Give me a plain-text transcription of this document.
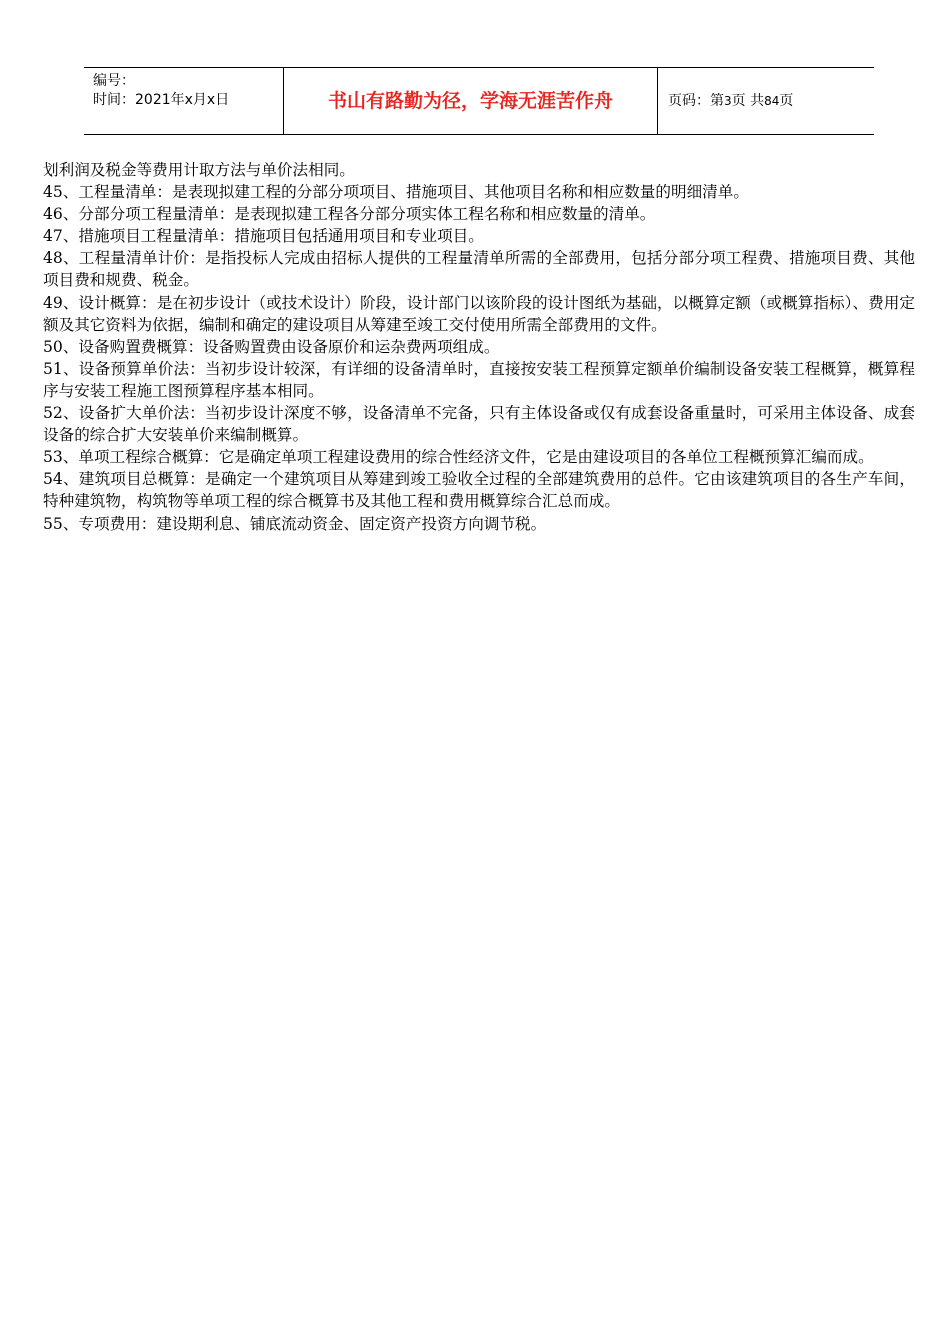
编号：
时间：2021年x月x日	书山有路勤为径，学海无涯苦作舟	页码：第3页 共84页

划利润及税金等费用计取方法与单价法相同。

45、工程量清单：是表现拟建工程的分部分项项目、措施项目、其他项目名称和相应数量的明细清单。

46、分部分项工程量清单：是表现拟建工程各分部分项实体工程名称和相应数量的清单。

47、措施项目工程量清单：措施项目包括通用项目和专业项目。

48、工程量清单计价：是指投标人完成由招标人提供的工程量清单所需的全部费用，包括分部分项工程费、措施项目费、其他项目费和规费、税金。

49、设计概算：是在初步设计（或技术设计）阶段，设计部门以该阶段的设计图纸为基础，以概算定额（或概算指标）、费用定额及其它资料为依据，编制和确定的建设项目从筹建至竣工交付使用所需全部费用的文件。

50、设备购置费概算：设备购置费由设备原价和运杂费两项组成。

51、设备预算单价法：当初步设计较深，有详细的设备清单时，直接按安装工程预算定额单价编制设备安装工程概算，概算程序与安装工程施工图预算程序基本相同。

52、设备扩大单价法：当初步设计深度不够，设备清单不完备，只有主体设备或仅有成套设备重量时，可采用主体设备、成套设备的综合扩大安装单价来编制概算。

53、单项工程综合概算：它是确定单项工程建设费用的综合性经济文件，它是由建设项目的各单位工程概预算汇编而成。

54、建筑项目总概算：是确定一个建筑项目从筹建到竣工验收全过程的全部建筑费用的总件。它由该建筑项目的各生产车间，特种建筑物，构筑物等单项工程的综合概算书及其他工程和费用概算综合汇总而成。

55、专项费用：建设期利息、铺底流动资金、固定资产投资方向调节税。
